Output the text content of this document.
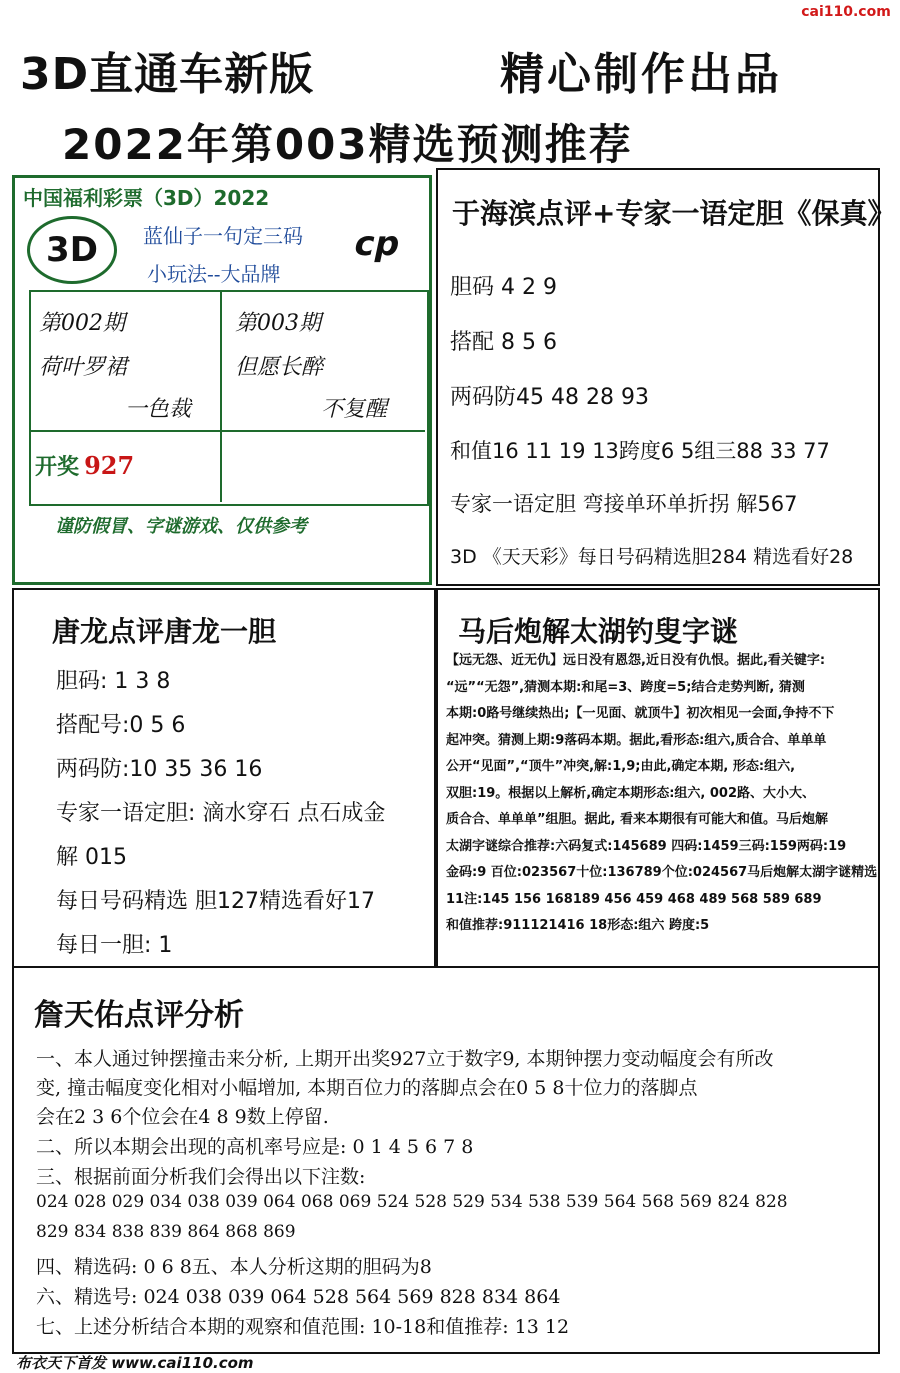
cai110.com
3D直通车新版	精心制作出品
2022年第003精选预测推荐
中国福利彩票（3D）2022
3D 蓝仙子一句定三码
小玩法--大品牌
cp
第002期
荷叶罗裙
一色裁
第003期
但愿长醉
不复醒
开奖 927
谨防假冒、字谜游戏、仅供参考
于海滨点评+专家一语定胆《保真》
胆码 4 2 9
搭配 8 5 6
两码防45 48 28 93
和值16 11 19 13跨度6 5组三88 33 77
专家一语定胆 弯接单环单折拐 解567
3D 《天天彩》每日号码精选胆284 精选看好28
唐龙点评唐龙一胆
胆码: 1 3 8
搭配号:0 5 6
两码防:10 35 36 16
专家一语定胆: 滴水穿石 点石成金
解 015
每日号码精选 胆127精选看好17
每日一胆: 1
马后炮解太湖钓叟字谜
【远无怨、近无仇】远日没有恩怨,近日没有仇恨。据此,看关键字:
“远”“无怨”,猜测本期:和尾=3、跨度=5;结合走势判断, 猜测
本期:0路号继续热出;【一见面、就顶牛】初次相见一会面,争持不下
起冲突。猜测上期:9落码本期。据此,看形态:组六,质合合、单单单
公开“见面”,“顶牛”冲突,解:1,9;由此,确定本期, 形态:组六,
双胆:19。根据以上解析,确定本期形态:组六, 002路、大小大、
质合合、单单单”组胆。据此, 看来本期很有可能大和值。马后炮解
太湖字谜综合推荐:六码复式:145689 四码:1459三码:159两码:19
金码:9 百位:023567十位:136789个位:024567马后炮解太湖字谜精选
11注:145 156 168189 456 459 468 489 568 589 689
和值推荐:911121416 18形态:组六 跨度:5
詹天佑点评分析
一、本人通过钟摆撞击来分析, 上期开出奖927立于数字9, 本期钟摆力变动幅度会有所改
变, 撞击幅度变化相对小幅增加, 本期百位力的落脚点会在0 5 8十位力的落脚点
会在2 3 6个位会在4 8 9数上停留.
二、所以本期会出现的高机率号应是: 0 1 4 5 6 7 8
三、根据前面分析我们会得出以下注数:
024 028 029 034 038 039 064 068 069 524 528 529 534 538 539 564 568 569 824 828
829 834 838 839 864 868 869
四、精选码: 0 6 8五、本人分析这期的胆码为8
六、精选号: 024 038 039 064 528 564 569 828 834 864
七、上述分析结合本期的观察和值范围: 10-18和值推荐: 13 12
布衣天下首发 www.cai110.com
